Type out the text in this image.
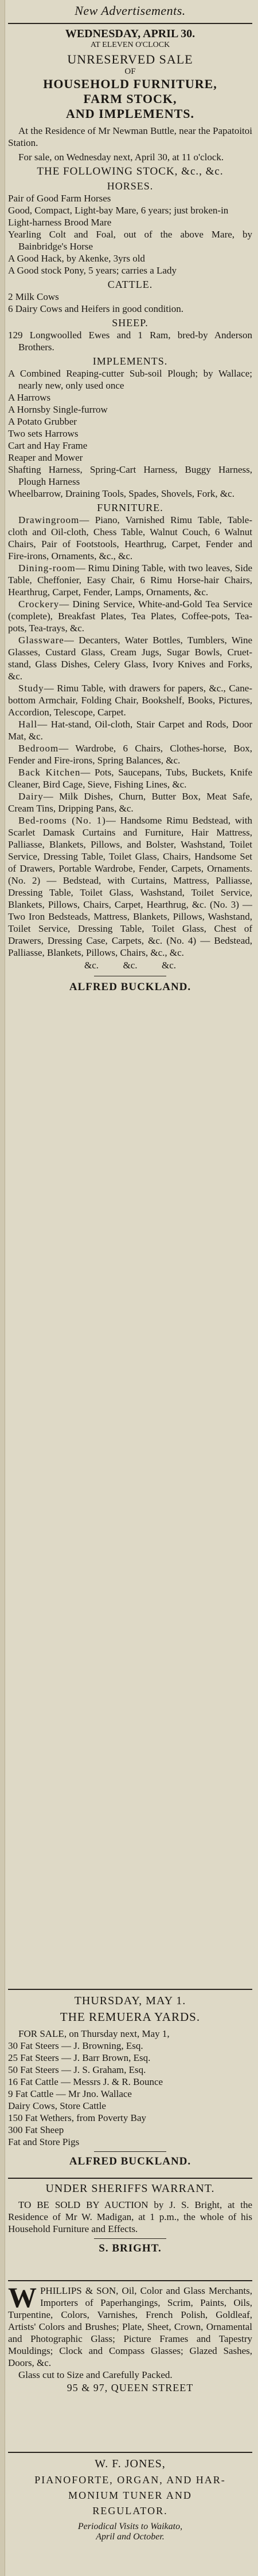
New Advertisements.
WEDNESDAY, APRIL 30.
AT ELEVEN O'CLOCK
UNRESERVED SALE
OF
HOUSEHOLD FURNITURE,
FARM STOCK,
AND IMPLEMENTS.

At the Residence of Mr Newman Buttle, near the Papatoitoi Station.

For sale, on Wednesday next, April 30, at 11 o'clock.

THE FOLLOWING STOCK, &c., &c.
HORSES.

Pair of Good Farm Horses

Good, Compact, Light-bay Mare, 6 years; just broken-in

Light-harness Brood Mare

Yearling Colt and Foal, out of the above Mare, by Bainbridge's Horse

A Good Hack, by Akenke, 3yrs old

A Good stock Pony, 5 years; carries a Lady

CATTLE.

2 Milk Cows

6 Dairy Cows and Heifers in good condition.

SHEEP.

129 Longwoolled Ewes and 1 Ram, bred-by Anderson Brothers.

IMPLEMENTS.

A Combined Reaping-cutter Sub-soil Plough; by Wallace; nearly new, only used once

A Harrows

A Hornsby Single-furrow

A Potato Grubber

Two sets Harrows

Cart and Hay Frame

Reaper and Mower

Shafting Harness, Spring-Cart Harness, Buggy Harness, Plough Harness

Wheelbarrow, Draining Tools, Spades, Shovels, Fork, &c.

FURNITURE.

Drawingroom— Piano, Varnished Rimu Table, Table-cloth and Oil-cloth, Chess Table, Walnut Couch, 6 Walnut Chairs, Pair of Footstools, Hearthrug, Carpet, Fender and Fire-irons, Ornaments, &c., &c.

Dining-room— Rimu Dining Table, with two leaves, Side Table, Cheffonier, Easy Chair, 6 Rimu Horse-hair Chairs, Hearthrug, Carpet, Fender, Lamps, Ornaments, &c.

Crockery— Dining Service, White-and-Gold Tea Service (complete), Breakfast Plates, Tea Plates, Coffee-pots, Tea-pots, Tea-trays, &c.

Glassware— Decanters, Water Bottles, Tumblers, Wine Glasses, Custard Glass, Cream Jugs, Sugar Bowls, Cruet-stand, Glass Dishes, Celery Glass, Ivory Knives and Forks, &c.

Study— Rimu Table, with drawers for papers, &c., Cane-bottom Armchair, Folding Chair, Bookshelf, Books, Pictures, Accordion, Telescope, Carpet.

Hall— Hat-stand, Oil-cloth, Stair Carpet and Rods, Door Mat, &c.

Bedroom— Wardrobe, 6 Chairs, Clothes-horse, Box, Fender and Fire-irons, Spring Balances, &c.

Back Kitchen— Pots, Saucepans, Tubs, Buckets, Knife Cleaner, Bird Cage, Sieve, Fishing Lines, &c.

Dairy— Milk Dishes, Churn, Butter Box, Meat Safe, Cream Tins, Dripping Pans, &c.

Bed-rooms (No. 1)— Handsome Rimu Bedstead, with Scarlet Damask Curtains and Furniture, Hair Mattress, Palliasse, Blankets, Pillows, and Bolster, Washstand, Toilet Service, Dressing Table, Toilet Glass, Chairs, Handsome Set of Drawers, Portable Wardrobe, Fender, Carpets, Ornaments. (No. 2) — Bedstead, with Curtains, Mattress, Palliasse, Dressing Table, Toilet Glass, Washstand, Toilet Service, Blankets, Pillows, Chairs, Carpet, Hearthrug, &c. (No. 3) — Two Iron Bedsteads, Mattress, Blankets, Pillows, Washstand, Toilet Service, Dressing Table, Toilet Glass, Chest of Drawers, Dressing Case, Carpets, &c. (No. 4) — Bedstead, Palliasse, Blankets, Pillows, Chairs, &c., &c.

&c.          &c.          &c.
ALFRED BUCKLAND.
THURSDAY, MAY 1.
THE REMUERA YARDS.

FOR SALE, on Thursday next, May 1,

30 Fat Steers — J. Browning, Esq.

25 Fat Steers — J. Barr Brown, Esq.

50 Fat Steers — J. S. Graham, Esq.

16 Fat Cattle — Messrs J. & R. Bounce

9 Fat Cattle — Mr Jno. Wallace

Dairy Cows, Store Cattle

150 Fat Wethers, from Poverty Bay

300 Fat Sheep

Fat and Store Pigs

ALFRED BUCKLAND.
UNDER SHERIFFS WARRANT.

TO BE SOLD BY AUCTION by J. S. Bright, at the Residence of Mr W. Madigan, at 1 p.m., the whole of his Household Furniture and Effects.

S. BRIGHT.

WPHILLIPS & SON, Oil, Color and Glass Merchants, Importers of Paperhangings, Scrim, Paints, Oils, Turpentine, Colors, Varnishes, French Polish, Goldleaf, Artists' Colors and Brushes; Plate, Sheet, Crown, Ornamental and Photographic Glass; Picture Frames and Tapestry Mouldings; Clock and Compass Glasses; Glazed Sashes, Doors, &c.

Glass cut to Size and Carefully Packed.

95 & 97, QUEEN STREET
W. F. JONES,
PIANOFORTE, ORGAN, AND HAR-
MONIUM TUNER AND
REGULATOR.
Periodical Visits to Waikato,
April and October.
